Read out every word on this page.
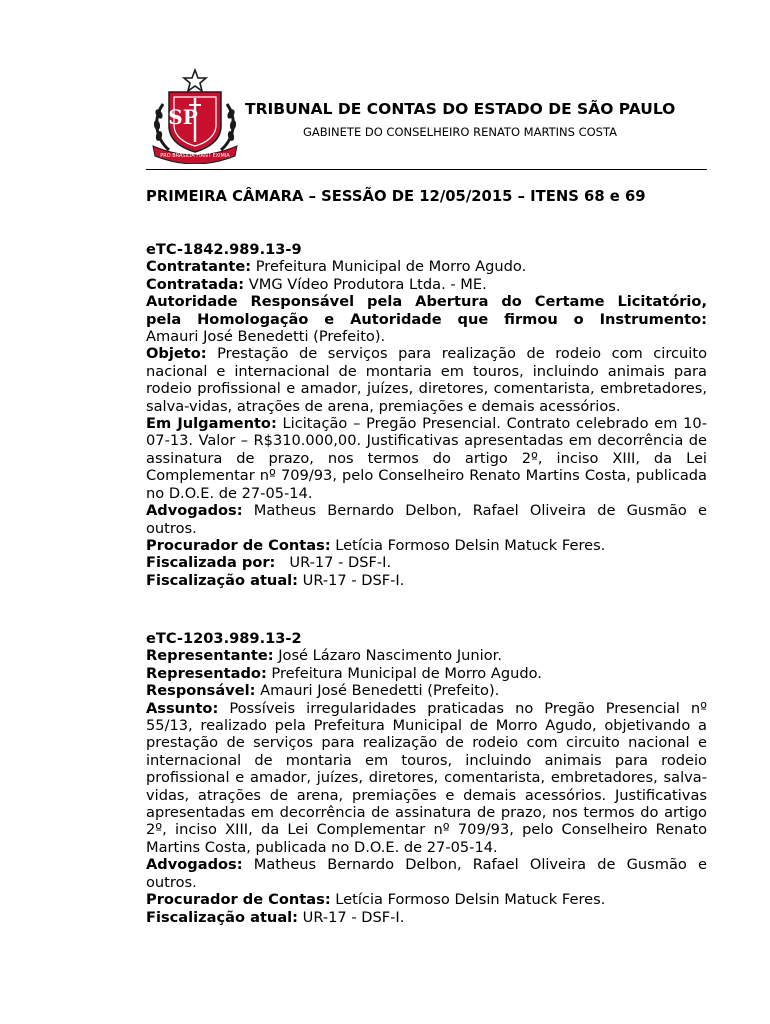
SP
PRO BRASILIA FIANT EXIMIA
TRIBUNAL DE CONTAS DO ESTADO DE SÃO PAULO
GABINETE DO CONSELHEIRO RENATO MARTINS COSTA
PRIMEIRA CÂMARA – SESSÃO DE 12/05/2015 – ITENS 68 e 69
eTC-1842.989.13-9
Contratante: Prefeitura Municipal de Morro Agudo.
Contratada: VMG Vídeo Produtora Ltda. - ME.
Autoridade Responsável pela Abertura do Certame Licitatório,
pela Homologação e Autoridade que firmou o Instrumento:
Amauri José Benedetti (Prefeito).
Objeto: Prestação de serviços para realização de rodeio com circuito nacional e internacional de montaria em touros, incluindo animais para rodeio profissional e amador, juízes, diretores, comentarista, embretadores, salva-vidas, atrações de arena, premiações e demais acessórios.
Em Julgamento: Licitação – Pregão Presencial. Contrato celebrado em 10-07-13. Valor – R$310.000,00. Justificativas apresentadas em decorrência de assinatura de prazo, nos termos do artigo 2º, inciso XIII, da Lei Complementar nº 709/93, pelo Conselheiro Renato Martins Costa, publicada no D.O.E. de 27-05-14.
Advogados: Matheus Bernardo Delbon, Rafael Oliveira de Gusmão e outros.
Procurador de Contas: Letícia Formoso Delsin Matuck Feres.
Fiscalizada por: UR-17 - DSF-I.
Fiscalização atual: UR-17 - DSF-I.
eTC-1203.989.13-2
Representante: José Lázaro Nascimento Junior.
Representado: Prefeitura Municipal de Morro Agudo.
Responsável: Amauri José Benedetti (Prefeito).
Assunto: Possíveis irregularidades praticadas no Pregão Presencial nº 55/13, realizado pela Prefeitura Municipal de Morro Agudo, objetivando a prestação de serviços para realização de rodeio com circuito nacional e internacional de montaria em touros, incluindo animais para rodeio profissional e amador, juízes, diretores, comentarista, embretadores, salva-vidas, atrações de arena, premiações e demais acessórios. Justificativas apresentadas em decorrência de assinatura de prazo, nos termos do artigo 2º, inciso XIII, da Lei Complementar nº 709/93, pelo Conselheiro Renato Martins Costa, publicada no D.O.E. de 27-05-14.
Advogados: Matheus Bernardo Delbon, Rafael Oliveira de Gusmão e outros.
Procurador de Contas: Letícia Formoso Delsin Matuck Feres.
Fiscalização atual: UR-17 - DSF-I.
